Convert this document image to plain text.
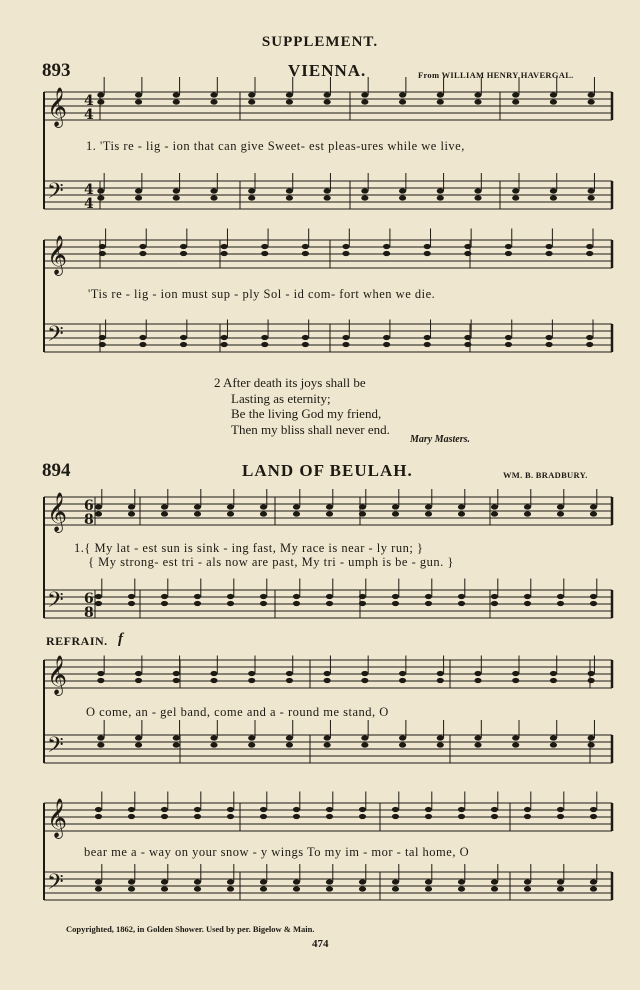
SUPPLEMENT.
893	VIENNA.	From WILLIAM HENRY HAVERGAL.
𝄞
𝄢
𝄞
𝄢
𝄞
𝄢
𝄞
𝄢
𝄞
𝄢
4
4
4
4
6
8
6
8
1. 'Tis re - lig - ion that can give Sweet- est pleas-ures while we live,
'Tis re - lig - ion must sup - ply Sol - id com- fort when we die.
2 After death its joys shall be
Lasting as eternity;
Be the living God my friend,
Then my bliss shall never end.
Mary Masters.
894	LAND OF BEULAH.	WM. B. BRADBURY.
1.{ My lat - est sun is sink - ing fast, My race is near - ly run; }
{ My strong- est tri - als now are past, My tri - umph is be - gun. }
REFRAIN. f
O come, an - gel band, come and a - round me stand, O
bear me a - way on your snow - y wings To my im - mor - tal home, O
Copyrighted, 1862, in Golden Shower. Used by per. Bigelow & Main.
474
